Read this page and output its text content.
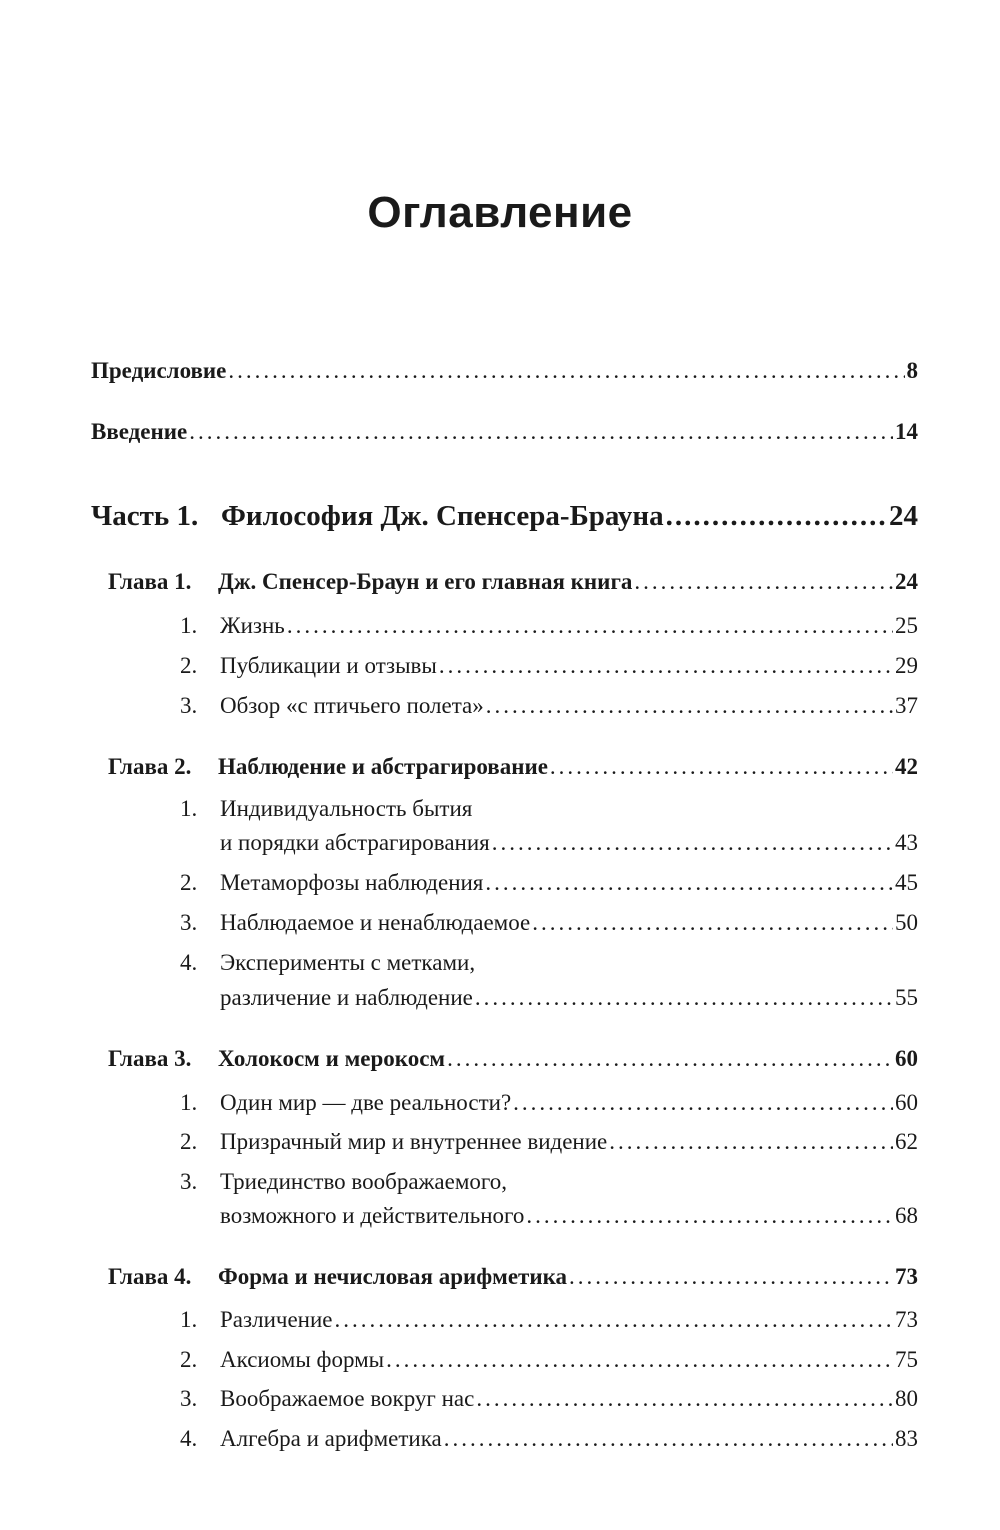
Оглавление
Предисловие .....	8
Введение .....	14
Часть 1. Философия Дж. Спенсера-Брауна .....	24
Глава 1. Дж. Спенсер-Браун и его главная книга .....	24
1. Жизнь .....	25
2. Публикации и отзывы .....	29
3. Обзор «с птичьего полета» .....	37
Глава 2. Наблюдение и абстрагирование .....	42
1. Индивидуальность бытия
и порядки абстрагирования .....	43
2. Метаморфозы наблюдения .....	45
3. Наблюдаемое и ненаблюдаемое .....	50
4. Эксперименты с метками,
различение и наблюдение .....	55
Глава 3. Холокосм и мерокосм .....	60
1. Один мир — две реальности? .....	60
2. Призрачный мир и внутреннее видение .....	62
3. Триединство воображаемого,
возможного и действительного .....	68
Глава 4. Форма и нечисловая арифметика .....	73
1. Различение .....	73
2. Аксиомы формы .....	75
3. Воображаемое вокруг нас .....	80
4. Алгебра и арифметика .....	83
